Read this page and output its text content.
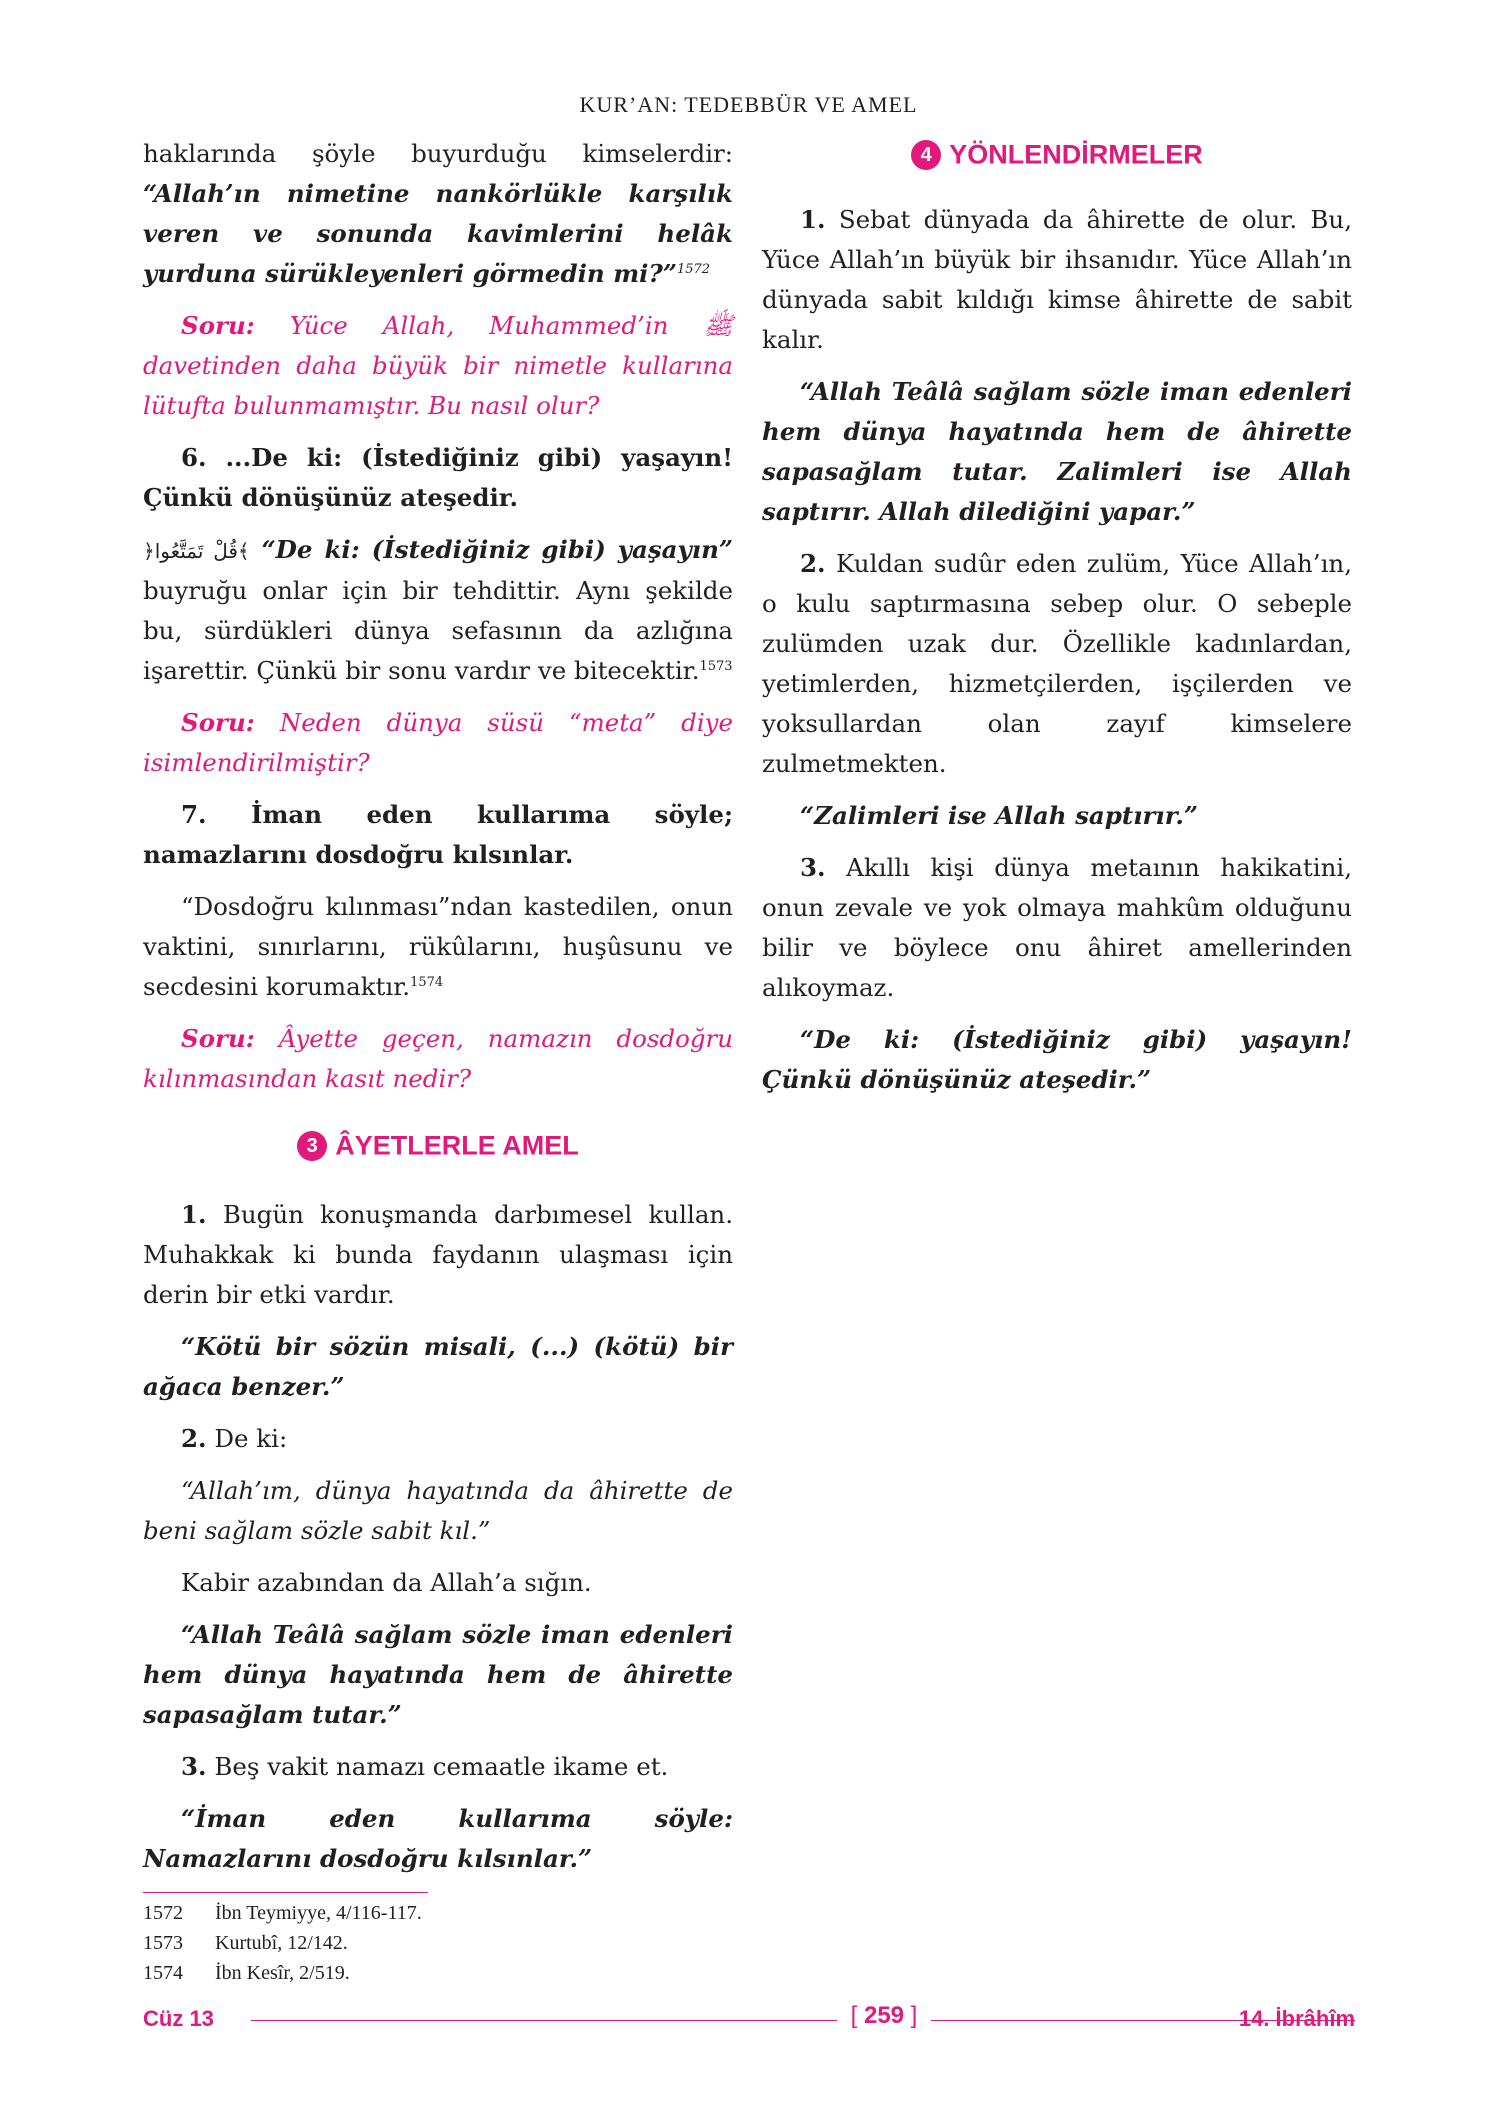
KUR’AN: TEDEBBÜR VE AMEL

haklarında şöyle buyurduğu kimselerdir: “Allah’ın nimetine nankörlükle karşılık veren ve sonunda kavimlerini helâk yurduna sürükleyenleri görmedin mi?”$^{1572}$

Soru: Yüce Allah, Muhammed’in ﷺ davetinden daha büyük bir nimetle kullarına lütufta bulunmamıştır. Bu nasıl olur?

6. ...De ki: (İstediğiniz gibi) yaşayın! Çünkü dönüşünüz ateşedir.

﴿قُلْ تَمَتَّعُوا﴾ “De ki: (İstediğiniz gibi) yaşayın” buyruğu onlar için bir tehdittir. Aynı şekilde bu, sürdükleri dünya sefasının da azlığına işarettir. Çünkü bir sonu vardır ve bitecektir.$^{1573}$

Soru: Neden dünya süsü “meta” diye isimlendirilmiştir?

7. İman eden kullarıma söyle; namazlarını dosdoğru kılsınlar.

“Dosdoğru kılınması”ndan kastedilen, onun vaktini, sınırlarını, rükûlarını, huşûsunu ve secdesini korumaktır.$^{1574}$

Soru: Âyette geçen, namazın dosdoğru kılınmasından kasıt nedir?

3 ÂYETLERLE AMEL

1. Bugün konuşmanda darbımesel kullan. Muhakkak ki bunda faydanın ulaşması için derin bir etki vardır.

“Kötü bir sözün misali, (...) (kötü) bir ağaca benzer.”

2. De ki:

“Allah’ım, dünya hayatında da âhirette de beni sağlam sözle sabit kıl.”

Kabir azabından da Allah’a sığın.

“Allah Teâlâ sağlam sözle iman edenleri hem dünya hayatında hem de âhirette sapasağlam tutar.”

3. Beş vakit namazı cemaatle ikame et.

“İman eden kullarıma söyle: Namazlarını dosdoğru kılsınlar.”

4 YÖNLENDİRMELER

1. Sebat dünyada da âhirette de olur. Bu, Yüce Allah’ın büyük bir ihsanıdır. Yüce Allah’ın dünyada sabit kıldığı kimse âhirette de sabit kalır.

“Allah Teâlâ sağlam sözle iman edenleri hem dünya hayatında hem de âhirette sapasağlam tutar. Zalimleri ise Allah saptırır. Allah dilediğini yapar.”

2. Kuldan sudûr eden zulüm, Yüce Allah’ın, o kulu saptırmasına sebep olur. O sebeple zulümden uzak dur. Özellikle kadınlardan, yetimlerden, hizmetçilerden, işçilerden ve yoksullardan olan zayıf kimselere zulmetmekten.

“Zalimleri ise Allah saptırır.”

3. Akıllı kişi dünya metaının hakikatini, onun zevale ve yok olmaya mahkûm olduğunu bilir ve böylece onu âhiret amellerinden alıkoymaz.

“De ki: (İstediğiniz gibi) yaşayın! Çünkü dönüşünüz ateşedir.”

1572	İbn Teymiyye, 4/116-117.
1573	Kurtubî, 12/142.
1574	İbn Kesîr, 2/519.
Cüz 13	[ 259 ]	14. İbrâhîm
